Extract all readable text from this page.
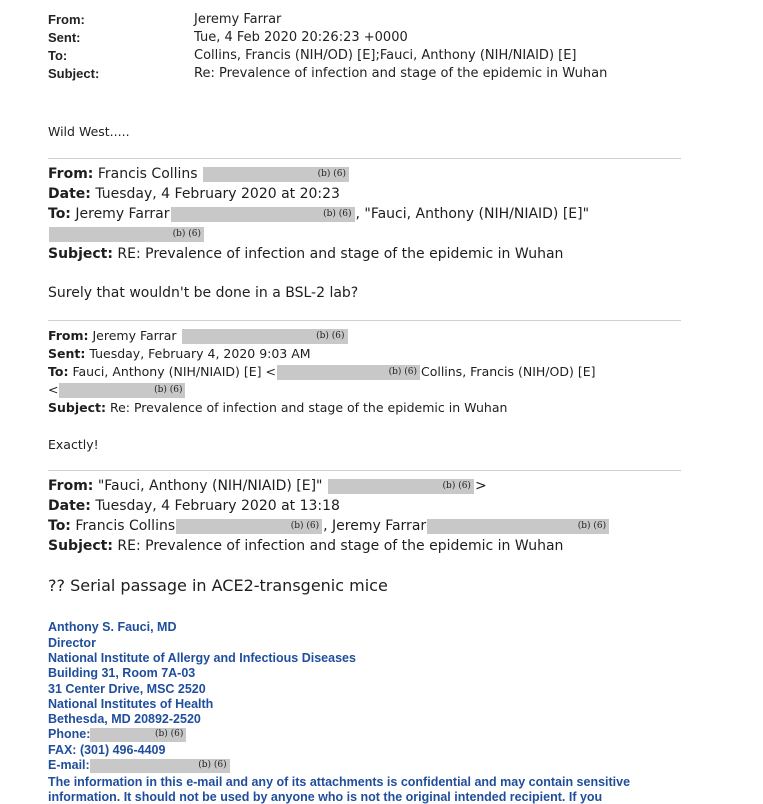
From:	Jeremy Farrar
Sent:	Tue, 4 Feb 2020 20:26:23 +0000
To:	Collins, Francis (NIH/OD) [E];Fauci, Anthony (NIH/NIAID) [E]
Subject:	Re: Prevalence of infection and stage of the epidemic in Wuhan
Wild West.....
From: Francis Collins	(b) (6)
Date: Tuesday, 4 February 2020 at 20:23
To: Jeremy Farrar	(b) (6) , "Fauci, Anthony (NIH/NIAID) [E]"
(b) (6)
Subject: RE: Prevalence of infection and stage of the epidemic in Wuhan
Surely that wouldn't be done in a BSL-2 lab?
From: Jeremy Farrar	(b) (6)
Sent: Tuesday, February 4, 2020 9:03 AM
To: Fauci, Anthony (NIH/NIAID) [E] <	(b) (6) Collins, Francis (NIH/OD) [E]
<	(b) (6)
Subject: Re: Prevalence of infection and stage of the epidemic in Wuhan
Exactly!
From: "Fauci, Anthony (NIH/NIAID) [E]"	(b) (6) >
Date: Tuesday, 4 February 2020 at 13:18
To: Francis Collins	(b) (6) , Jeremy Farrar	(b) (6)
Subject: RE: Prevalence of infection and stage of the epidemic in Wuhan
?? Serial passage in ACE2-transgenic mice
Anthony S. Fauci, MD
Director
National Institute of Allergy and Infectious Diseases
Building 31, Room 7A-03
31 Center Drive, MSC 2520
National Institutes of Health
Bethesda, MD 20892-2520
Phone:	(b) (6)
FAX: (301) 496-4409
E-mail:	(b) (6)
The information in this e-mail and any of its attachments is confidential and may contain sensitive
information. It should not be used by anyone who is not the original intended recipient. If you
